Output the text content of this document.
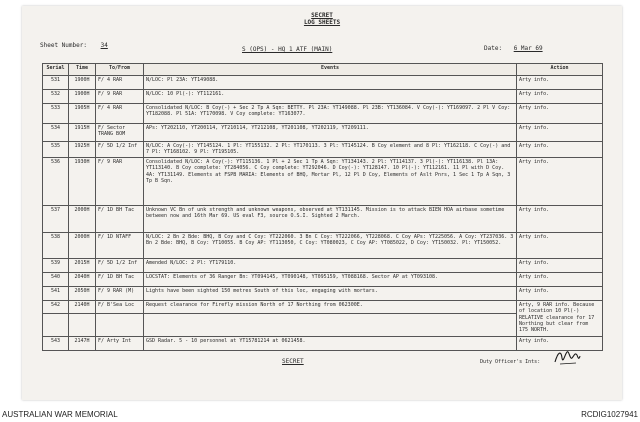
SECRET
LOG SHEETS
Sheet Number: 34
S (OPS) - HQ 1 ATF (MAIN)	Date: 6 Mar 69
Serial	Time	To/From	Events	Action
531	1900H	F/ 4 RAR	N/LOC: Pl 23A: YT149088.	Arty info.
532	1900H	F/ 9 RAR	N/LOC: 10 Pl(-): YT112161.	Arty info.
533	1905H	F/ 4 RAR	Consolidated N/LOC: B Coy(-) + Sec 2 Tp A Sqn: BETTY. Pl 23A: YT149088. Pl 23B: YT136084. V Coy(-): YT169097. 2 Pl V Coy: YT182088. Pl 51A: YT170098. V Coy complete: YT163077.	Arty info.
534	1915H	F/ Sector TRANG BOM	APs: YT202110, YT200114, YT210114, YT212108, YT201108, YT202119, YT209111.	Arty info.
535	1925H	F/ 5D 1/2 Inf	N/LOC: A Coy(-): YT145124. 1 Pl: YT155132. 2 Pl: YT170113. 3 Pl: YT145124. B Coy element and 8 Pl: YT162118. C Coy(-) and 7 Pl: YT168102. 9 Pl: YT195105.	Arty info.
536	1930H	F/ 9 RAR	Consolidated N/LOC: A Coy(-): YT115136. 1 Pl + 2 Sec 1 Tp A Sqn: YT134143. 2 Pl: YT114137. 3 Pl(-): YT116138. Pl 13A: YT113140. B Coy complete: YT284056. C Coy complete: YT292046. D Coy(-): YT128147. 10 Pl(-): YT112161. 11 Pl with D Coy. 4A: YT131149. Elements at FSPB MARIA: Elements of BHQ, Mortar Pl, 12 Pl D Coy, Elements of Aslt Pnrs, 1 Sec 1 Tp A Sqn, 3 Tp B Sqn.	Arty info.
537	2000H	F/ 1D BH Tac	Unknown VC Bn of unk strength and unknown weapons, observed at YT131145. Mission is to attack BIEN HOA airbase sometime between now and 16th Mar 69. US eval F3, source O.S.I. Sighted 2 March.	Arty info.
538	2000H	F/ 1D NTAFF	N/LOC: 2 Bn 2 Bde: BHQ, B Coy and C Coy: YT222060. 3 Bn C Coy: YT222066, YT228068. C Coy APs: YT225056. A Coy: YT237036. 3 Bn 2 Bde: BHQ, B Coy: YT10055. B Coy AP: YT113050, C Coy: YT080023, C Coy AP: YT085022, D Coy: YT150032. Pl: YT150052.	Arty info.
539	2015H	F/ 5D 1/2 Inf	Amended N/LOC: 2 Pl: YT179110.	Arty info.
540	2040H	F/ 1D BH Tac	LOCSTAT: Elements of 36 Ranger Bn: YT094145, YT090148, YT095159, YT088168. Sector AP at YT093108.	Arty info.
541	2050H	F/ 9 RAR (M)	Lights have been sighted 150 metres South of this loc, engaging with mortars.	Arty info.
542	2140H	F/ B'Sea Loc	Request clearance for Firefly mission North of 17 Northing from 062300E.	Arty, 9 RAR info. Because of location 10 Pl(-) RELATIVE clearance for 17 Northing but clear from 175 NORTH.

543	2147H	F/ Arty Int	GSD Radar. 5 - 10 personnel at YT15781214 at 0621458.	Arty info.
SECRET	Duty Officer's Ints:
AUSTRALIAN WAR MEMORIAL	RCDIG1027941
